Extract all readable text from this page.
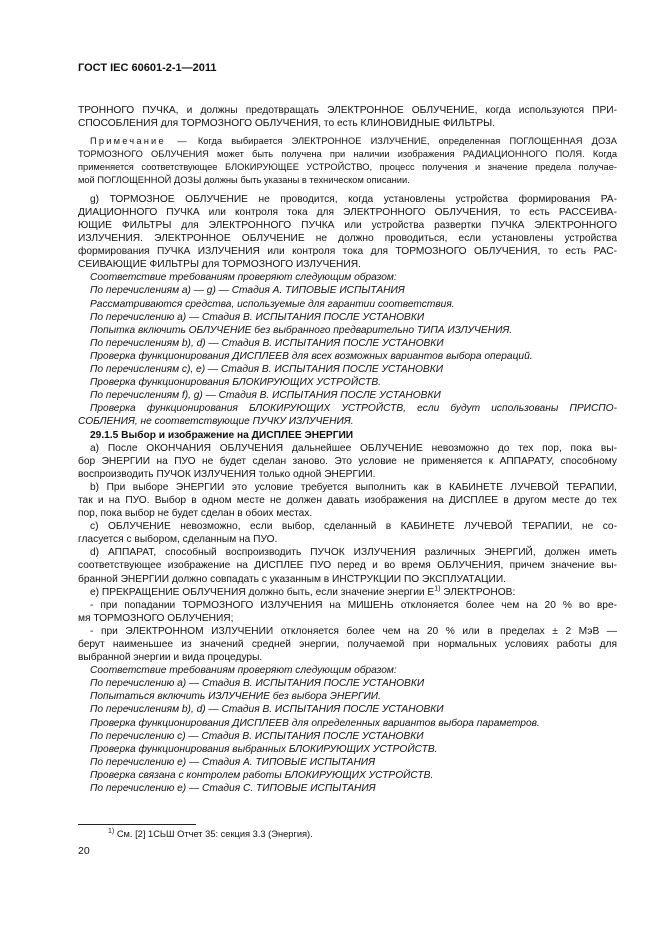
ГОСТ IEC 60601-2-1—2011

ТРОННОГО ПУЧКА, и должны предотвращать ЭЛЕКТРОННОЕ ОБЛУЧЕНИЕ, когда используются ПРИ-

СПОСОБЛЕНИЯ для ТОРМОЗНОГО ОБЛУЧЕНИЯ, то есть КЛИНОВИДНЫЕ ФИЛЬТРЫ.

Примечание — Когда выбирается ЭЛЕКТРОННОЕ ИЗЛУЧЕНИЕ, определенная ПОГЛОЩЕННАЯ ДОЗА

ТОРМОЗНОГО ОБЛУЧЕНИЯ может быть получена при наличии изображения РАДИАЦИОННОГО ПОЛЯ. Когда

применяется соответствующее БЛОКИРУЮЩЕЕ УСТРОЙСТВО, процесс получения и значение предела получае-

мой ПОГЛОЩЕННОЙ ДОЗЫ должны быть указаны в техническом описании.

g) ТОРМОЗНОЕ ОБЛУЧЕНИЕ не проводится, когда установлены устройства формирования РА-

ДИАЦИОННОГО ПУЧКА или контроля тока для ЭЛЕКТРОННОГО ОБЛУЧЕНИЯ, то есть РАССЕИВА-

ЮЩИЕ ФИЛЬТРЫ для ЭЛЕКТРОННОГО ПУЧКА или устройства развертки ПУЧКА ЭЛЕКТРОННОГО

ИЗЛУЧЕНИЯ. ЭЛЕКТРОННОЕ ОБЛУЧЕНИЕ не должно проводиться, если установлены устройства

формирования ПУЧКА ИЗЛУЧЕНИЯ или контроля тока для ТОРМОЗНОГО ОБЛУЧЕНИЯ, то есть РАС-

СЕИВАЮЩИЕ ФИЛЬТРЫ для ТОРМОЗНОГО ИЗЛУЧЕНИЯ.

Соответствие требованиям проверяют следующим образом:

По перечислениям а) — g) — Стадия А. ТИПОВЫЕ ИСПЫТАНИЯ

Рассматриваются средства, используемые для гарантии соответствия.

По перечислению а) — Стадия В. ИСПЫТАНИЯ ПОСЛЕ УСТАНОВКИ

Попытка включить ОБЛУЧЕНИЕ без выбранного предварительно ТИПА ИЗЛУЧЕНИЯ.

По перечислениям b), d) — Стадия В. ИСПЫТАНИЯ ПОСЛЕ УСТАНОВКИ

Проверка функционирования ДИСПЛЕЕВ для всех возможных вариантов выбора операций.

По перечислениям с), е) — Стадия В. ИСПЫТАНИЯ ПОСЛЕ УСТАНОВКИ

Проверка функционирования БЛОКИРУЮЩИХ УСТРОЙСТВ.

По перечислениям f), g) — Стадия В. ИСПЫТАНИЯ ПОСЛЕ УСТАНОВКИ

Проверка функционирования БЛОКИРУЮЩИХ УСТРОЙСТВ, если будут использованы ПРИСПО-

СОБЛЕНИЯ, не соответствующие ПУЧКУ ИЗЛУЧЕНИЯ.

29.1.5 Выбор и изображение на ДИСПЛЕЕ ЭНЕРГИИ

а) После ОКОНЧАНИЯ ОБЛУЧЕНИЯ дальнейшее ОБЛУЧЕНИЕ невозможно до тех пор, пока вы-

бор ЭНЕРГИИ на ПУО не будет сделан заново. Это условие не применяется к АППАРАТУ, способному

воспроизводить ПУЧОК ИЗЛУЧЕНИЯ только одной ЭНЕРГИИ.

b) При выборе ЭНЕРГИИ это условие требуется выполнить как в КАБИНЕТЕ ЛУЧЕВОЙ ТЕРАПИИ,

так и на ПУО. Выбор в одном месте не должен давать изображения на ДИСПЛЕЕ в другом месте до тех

пор, пока выбор не будет сделан в обоих местах.

с) ОБЛУЧЕНИЕ невозможно, если выбор, сделанный в КАБИНЕТЕ ЛУЧЕВОЙ ТЕРАПИИ, не со-

гласуется с выбором, сделанным на ПУО.

d) АППАРАТ, способный воспроизводить ПУЧОК ИЗЛУЧЕНИЯ различных ЭНЕРГИЙ, должен иметь

соответствующее изображение на ДИСПЛЕЕ ПУО перед и во время ОБЛУЧЕНИЯ, причем значение вы-

бранной ЭНЕРГИИ должно совпадать с указанным в ИНСТРУКЦИИ ПО ЭКСПЛУАТАЦИИ.

е) ПРЕКРАЩЕНИЕ ОБЛУЧЕНИЯ должно быть, если значение энергии $E^{1)}$ ЭЛЕКТРОНОВ:

- при попадании ТОРМОЗНОГО ИЗЛУЧЕНИЯ на МИШЕНЬ отклоняется более чем на 20 % во вре-

мя ТОРМОЗНОГО ОБЛУЧЕНИЯ;

- при ЭЛЕКТРОННОМ ИЗЛУЧЕНИИ отклоняется более чем на 20 % или в пределах ± 2 МэВ —

берут наименьшее из значений средней энергии, получаемой при нормальных условиях работы для

выбранной энергии и вида процедуры.

Соответствие требованиям проверяют следующим образом:

По перечислению а) — Стадия В. ИСПЫТАНИЯ ПОСЛЕ УСТАНОВКИ

Попытаться включить ИЗЛУЧЕНИЕ без выбора ЭНЕРГИИ.

По перечислениям b), d) — Стадия В. ИСПЫТАНИЯ ПОСЛЕ УСТАНОВКИ

Проверка функционирования ДИСПЛЕЕВ для определенных вариантов выбора параметров.

По перечислению с) — Стадия В. ИСПЫТАНИЯ ПОСЛЕ УСТАНОВКИ

Проверка функционирования выбранных БЛОКИРУЮЩИХ УСТРОЙСТВ.

По перечислению е) — Стадия А. ТИПОВЫЕ ИСПЫТАНИЯ

Проверка связана с контролем работы БЛОКИРУЮЩИХ УСТРОЙСТВ.

По перечислению е) — Стадия С. ТИПОВЫЕ ИСПЫТАНИЯ

$^{1)}$ См. [2] 1СЬШ Отчет 35: секция 3.3 (Энергия).
20
